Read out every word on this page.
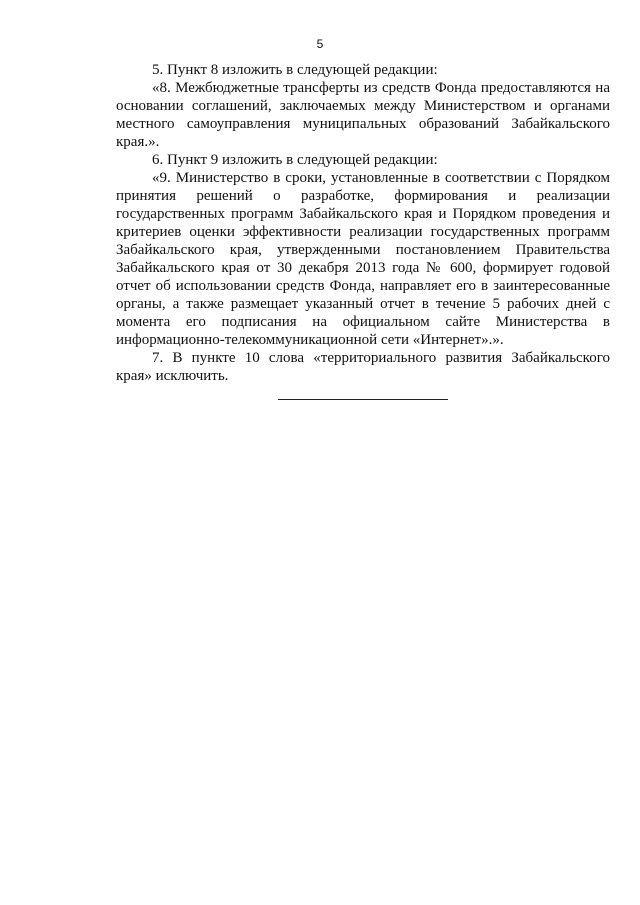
5

5. Пункт 8 изложить в следующей редакции:

«8. Межбюджетные трансферты из средств Фонда предоставляются на основании соглашений, заключаемых между Министерством и органами местного самоуправления муниципальных образований Забайкальского края.».

6. Пункт 9 изложить в следующей редакции:

«9. Министерство в сроки, установленные в соответствии с Порядком принятия решений о разработке, формирования и реализации государственных программ Забайкальского края и Порядком проведения и критериев оценки эффективности реализации государственных программ Забайкальского края, утвержденными постановлением Правительства Забайкальского края от 30 декабря 2013 года № 600, формирует годовой отчет об использовании средств Фонда, направляет его в заинтересованные органы, а также размещает указанный отчет в течение 5 рабочих дней с момента его подписания на официальном сайте Министерства в информационно-телекоммуникационной сети «Интернет».».

7. В пункте 10 слова «территориального развития Забайкальского края» исключить.
